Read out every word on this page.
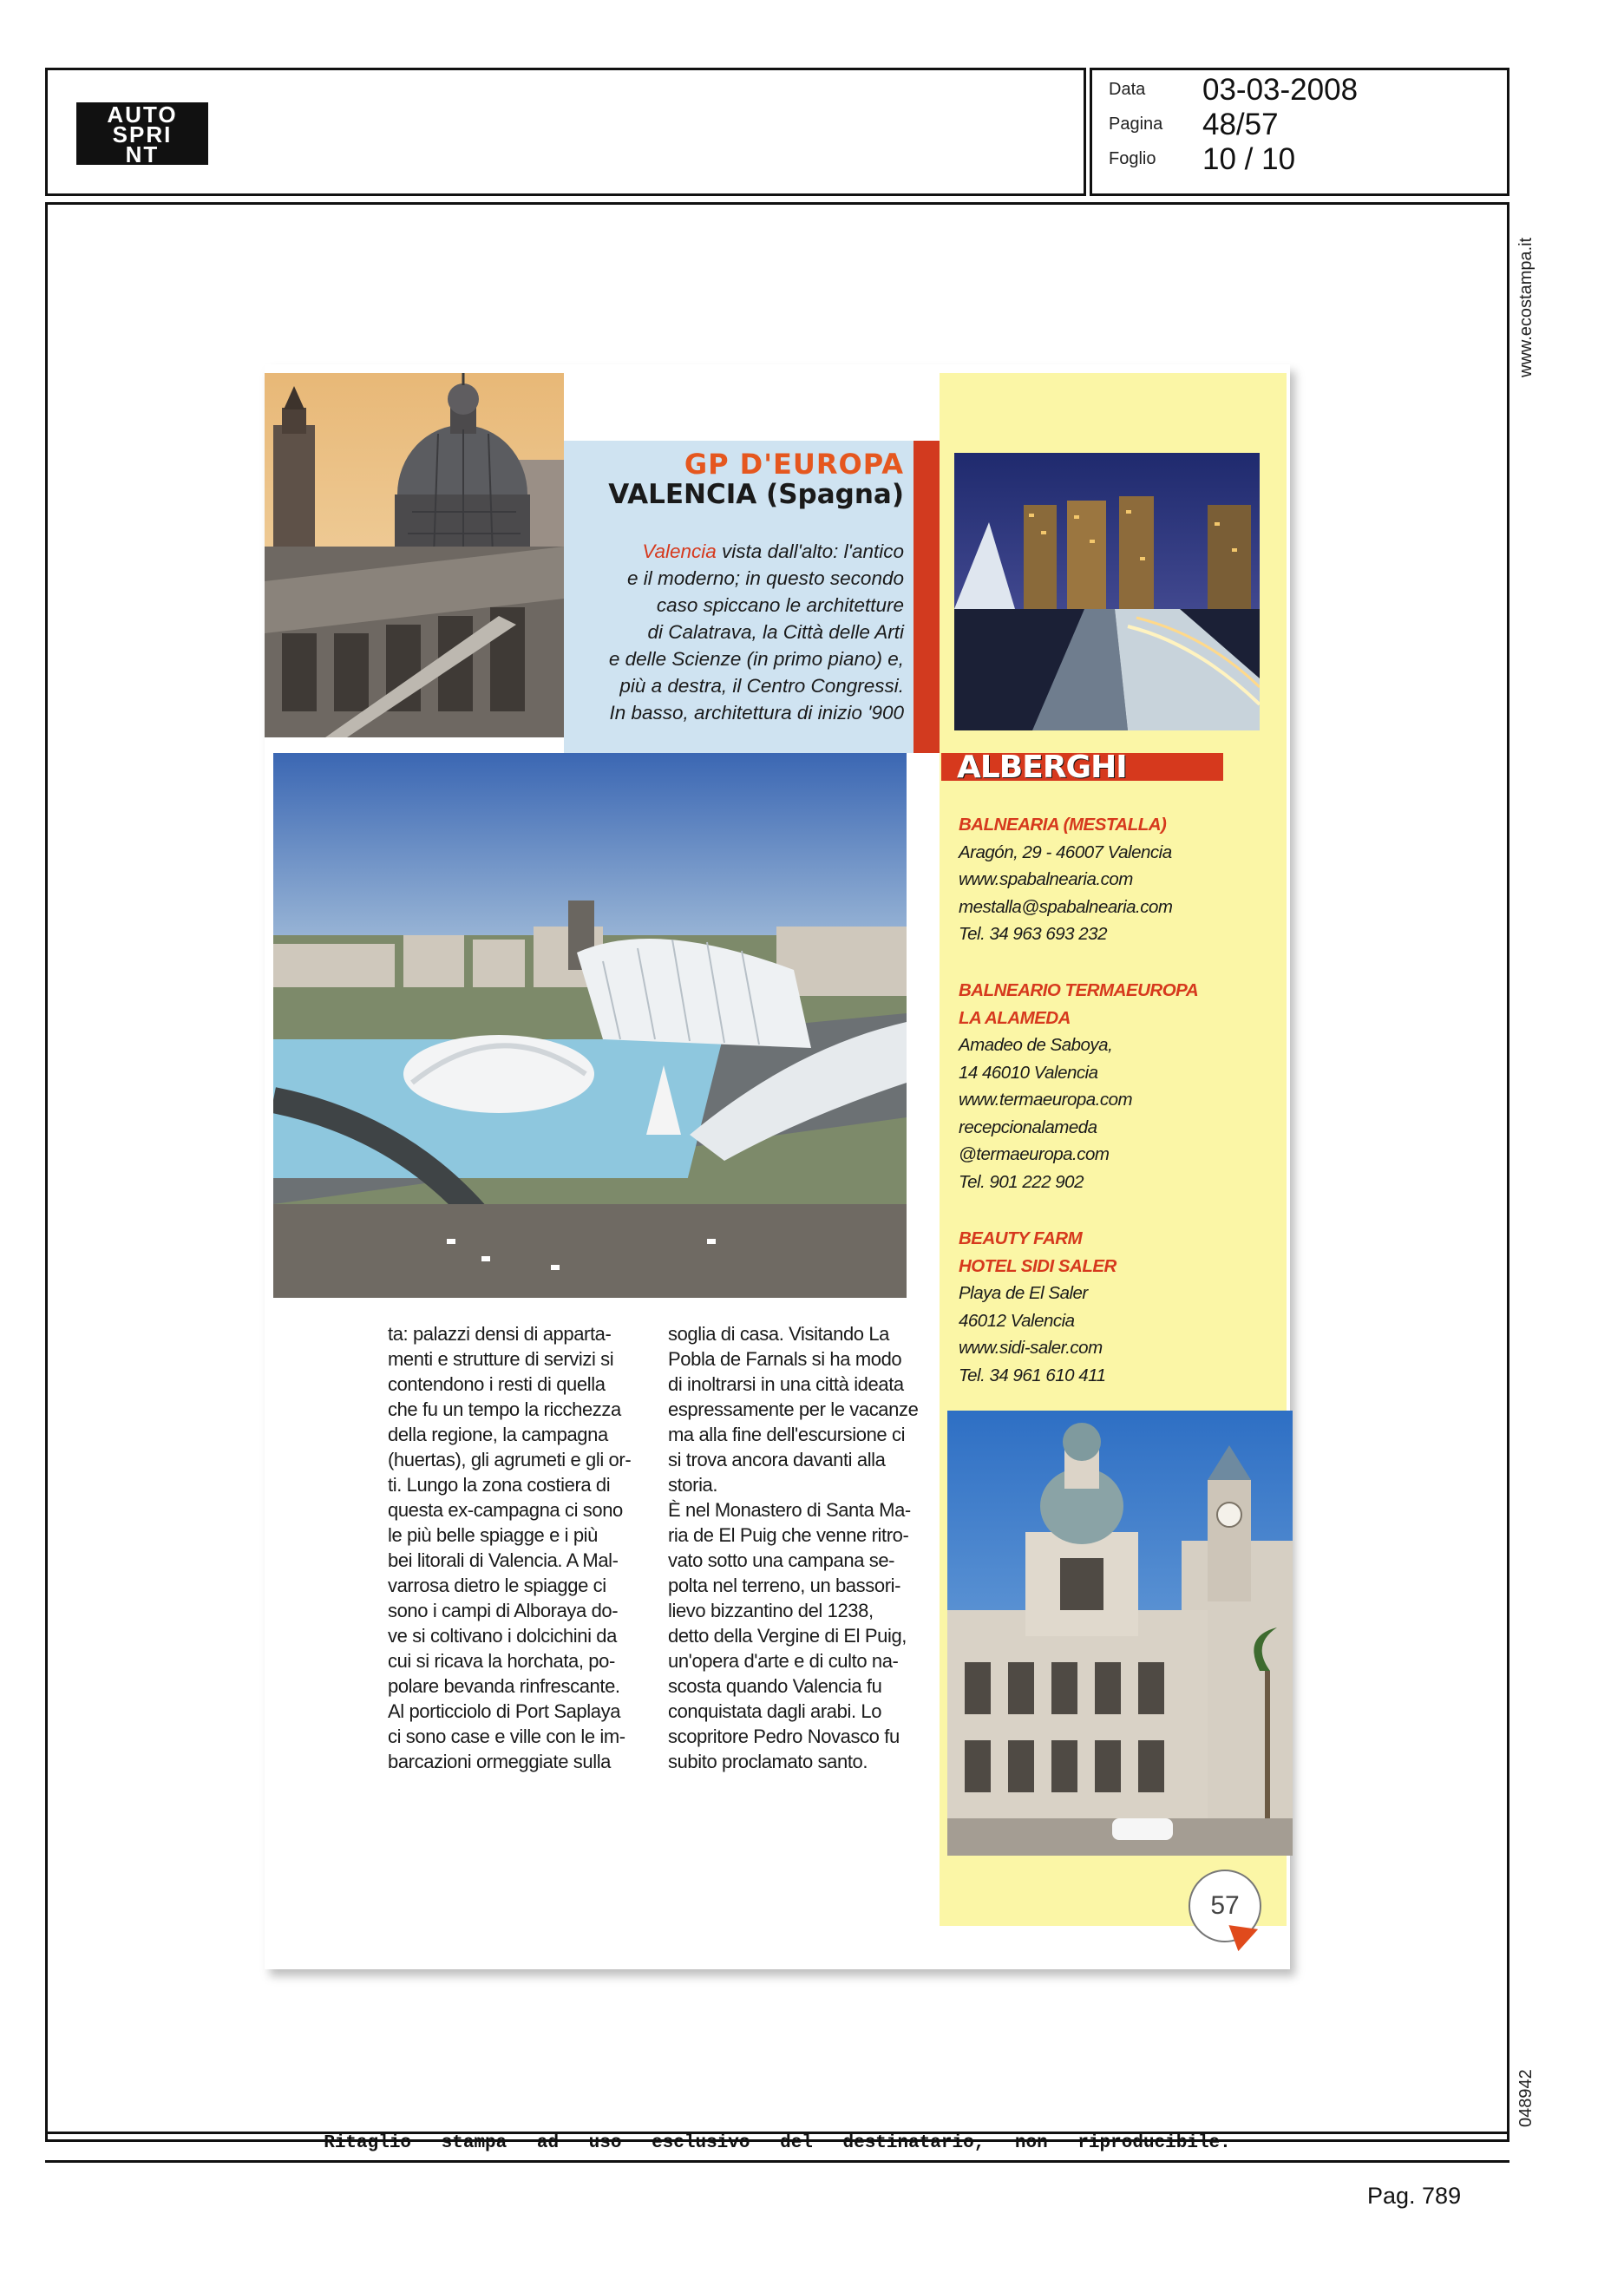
AUTO
SPRI
NT
Data 03-03-2008
Pagina 48/57
Foglio 10 / 10
www.ecostampa.it
048942
GP D'EUROPA
VALENCIA (Spagna)
Valencia vista dall'alto: l'antico
e il moderno; in questo secondo
caso spiccano le architetture
di Calatrava, la Città delle Arti
e delle Scienze (in primo piano) e,
più a destra, il Centro Congressi.
In basso, architettura di inizio '900
ALBERGHI
BALNEARIA (MESTALLA)
Aragón, 29 - 46007 Valencia
www.spabalnearia.com
mestalla@spabalnearia.com
Tel. 34 963 693 232
BALNEARIO TERMAEUROPA
LA ALAMEDA
Amadeo de Saboya,
14 46010 Valencia
www.termaeuropa.com
recepcionalameda
@termaeuropa.com
Tel. 901 222 902
BEAUTY FARM
HOTEL SIDI SALER
Playa de El Saler
46012 Valencia
www.sidi-saler.com
Tel. 34 961 610 411

ta: palazzi densi di apparta-

menti e strutture di servizi si

contendono i resti di quella

che fu un tempo la ricchezza

della regione, la campagna

(huertas), gli agrumeti e gli or-

ti. Lungo la zona costiera di

questa ex-campagna ci sono

le più belle spiagge e i più

bei litorali di Valencia. A Mal-

varrosa dietro le spiagge ci

sono i campi di Alboraya do-

ve si coltivano i dolcichini da

cui si ricava la horchata, po-

polare bevanda rinfrescante.

Al porticciolo di Port Saplaya

ci sono case e ville con le im-

barcazioni ormeggiate sulla

soglia di casa. Visitando La

Pobla de Farnals si ha modo

di inoltrarsi in una città ideata

espressamente per le vacanze

ma alla fine dell'escursione ci

si trova ancora davanti alla

storia.

È nel Monastero di Santa Ma-

ria de El Puig che venne ritro-

vato sotto una campana se-

polta nel terreno, un bassori-

lievo bizzantino del 1238,

detto della Vergine di El Puig,

un'opera d'arte e di culto na-

scosta quando Valencia fu

conquistata dagli arabi. Lo

scopritore Pedro Novasco fu

subito proclamato santo.

57
Ritaglio stampa ad uso esclusivo del destinatario, non riproducibile.
Pag. 789
